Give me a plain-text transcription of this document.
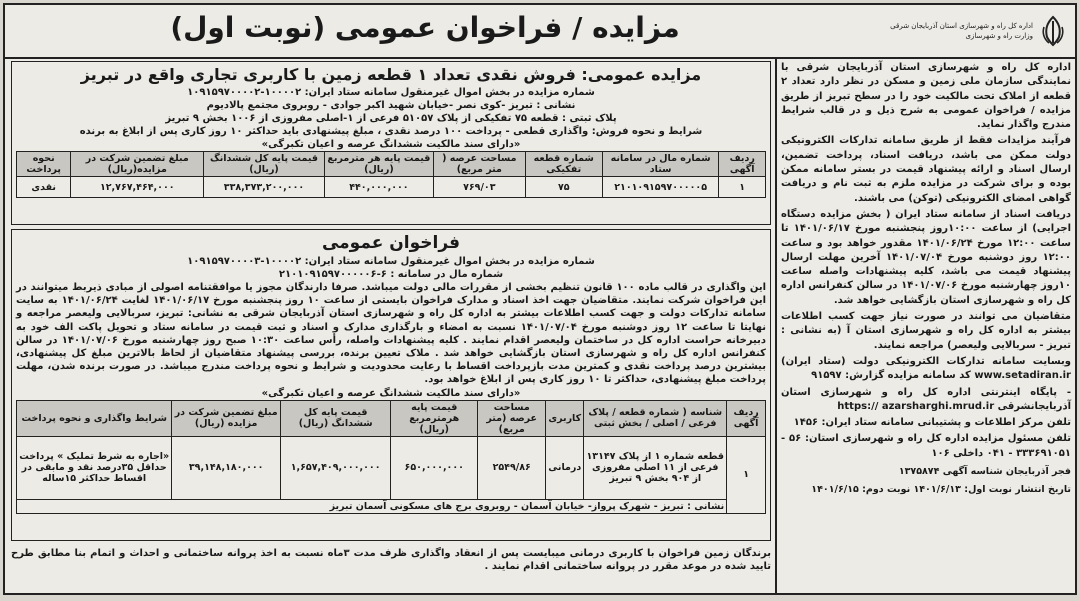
اداره کل راه و شهرسازی استان آذربایجان شرقی
وزارت راه و شهرسازی
مزایده / فراخوان عمومی (نوبت اول)

اداره کل راه و شهرسازی استان آذربایجان شرقی با نمایندگی سازمان ملی زمین و مسکن در نظر دارد تعداد ۲ قطعه از املاک تحت مالکیت خود را در سطح تبریز از طریق مزایده / فراخوان عمومی به شرح ذیل و در قالب شرایط مندرج واگذار نماید.

فرآیند مزایدات فقط از طریق سامانه تدارکات الکترونیکی دولت ممکن می باشد، دریافت اسناد، پرداخت تضمین، ارسال اسناد و ارائه پیشنهاد قیمت در بستر سامانه ممکن بوده و برای شرکت در مزایده ملزم به ثبت نام و دریافت گواهی امضای الکترونیکی (توکن) می باشند.

دریافت اسناد از سامانه ستاد ایران ( بخش مزایده دستگاه اجرایی) از ساعت ۱۰:۰۰روز پنجشنبه مورخ ۱۴۰۱/۰۶/۱۷ تا ساعت ۱۲:۰۰ مورخ ۱۴۰۱/۰۶/۲۴ مقدور خواهد بود و ساعت ۱۲:۰۰ روز دوشنبه مورخ ۱۴۰۱/۰۷/۰۴ آخرین مهلت ارسال پیشنهاد قیمت می باشد، کلیه پیشنهادات واصله ساعت ۱۰روز چهارشنبه مورخ ۱۴۰۱/۰۷/۰۶ در سالن کنفرانس اداره کل راه و شهرسازی استان بازگشایی خواهد شد.

متقاضیان می توانند در صورت نیاز جهت کسب اطلاعات بیشتر به اداره کل راه و شهرسازی استان آ (به نشانی : تبریز - سربالایی ولیعصر) مراجعه نمایند.

وبسایت سامانه تدارکات الکترونیکی دولت (ستاد ایران) www.setadiran.ir کد سامانه مزایده گزارش: ۹۱۵۹۷

- پایگاه اینترنتی اداره کل راه و شهرسازی استان آذربایجانشرقی https:// azarsharghi.mrud.ir

تلفن مرکز اطلاعات و پشتیبانی سامانه ستاد ایران: ۱۴۵۶

تلفن مسئول مزایده اداره کل راه و شهرسازی استان: ۵۶ - ۳۳۳۶۹۱۰۵۱ - ۰۴۱ داخلی ۱۰۶

فجر آذربایجان شناسه آگهی ۱۳۷۵۸۷۴

تاریخ انتشار نوبت اول: ۱۴۰۱/۶/۱۳ نوبت دوم: ۱۴۰۱/۶/۱۵

مزایده عمومی: فروش نقدی تعداد ۱ قطعه زمین با کاربری تجاری واقع در تبریز
شماره مزایده در بخش اموال غیرمنقول سامانه ستاد ایران: ۱۰۰۰۰۲-۱۰۹۱۵۹۷۰۰۰۰۲
نشانی : تبریز -کوی نصر -خیابان شهید اکبر جوادی - روبروی مجتمع پالادیوم
پلاک ثبتی : قطعه ۷۵ تفکیکی از پلاک ۵۱۰۵۷ فرعی از ۱-اصلی مفروزی از ۱۰۰۶ بخش ۹ تبریز
شرایط و نحوه فروش: واگذاری قطعی - پرداخت ۱۰۰ درصد نقدی ، مبلغ پیشنهادی باید حداکثر ۱۰ روز کاری پس از ابلاغ به برنده
«دارای سند مالکیت ششدانگ عرصه و اعیان تکبرگی»
ردیف آگهی	شماره مال در سامانه ستاد	شماره قطعه تفکیکی	مساحت عرصه ( متر مربع)	قیمت پایه هر مترمربع (ریال)	قیمت پایه کل ششدانگ (ریال)	مبلغ تضمین شرکت در مزایده(ریال)	نحوه پرداخت
۱	۲۱۰۱۰۹۱۵۹۷۰۰۰۰۰۵	۷۵	۷۶۹/۰۳	۴۴۰,۰۰۰,۰۰۰	۳۳۸,۳۷۳,۲۰۰,۰۰۰	۱۲,۷۶۷,۴۶۴,۰۰۰	نقدی
فراخوان عمومی
شماره مزایده در بخش اموال غیرمنقول سامانه ستاد ایران: ۱۰۰۰۰۲-۱۰۹۱۵۹۷۰۰۰۰۳
شماره مال در سامانه : ۶-۲۱۰۱۰۹۱۵۹۷۰۰۰۰۰۶
این واگذاری در قالب ماده ۱۰۰ قانون تنظیم بخشی از مقررات مالی دولت میباشد. صرفا دارندگان مجوز یا موافقتنامه اصولی از مبادی ذیربط میتوانند در این فراخوان شرکت نمایند. متقاضیان جهت اخذ اسناد و مدارک فراخوان بایستی از ساعت ۱۰ روز پنجشنبه مورخ ۱۴۰۱/۰۶/۱۷ لغایت ۱۴۰۱/۰۶/۲۴ به سایت سامانه تدارکات دولت و جهت کسب اطلاعات بیشتر به اداره کل راه و شهرسازی استان آذربایجان شرقی به نشانی: تبریز، سربالایی ولیعصر مراجعه و نهایتا تا ساعت ۱۲ روز دوشنبه مورخ ۱۴۰۱/۰۷/۰۴ نسبت به امضاء و بارگذاری مدارک و اسناد و ثبت قیمت در سامانه ستاد و تحویل پاکت الف خود به دبیرخانه حراست اداره کل در ساختمان ولیعصر اقدام نمایند . کلیه پیشنهادات واصله، رأس ساعت ۱۰:۳۰ صبح روز چهارشنبه مورخ ۱۴۰۱/۰۷/۰۶ در سالن کنفرانس اداره کل راه و شهرسازی استان بازگشایی خواهد شد . ملاک تعیین برنده، بررسی پیشنهاد متقاضیان از لحاظ بالاترین مبلغ کل پیشنهادی، بیشترین درصد پرداخت نقدی و کمترین مدت بازپرداخت اقساط با رعایت محدودیت و شرایط و نحوه پرداخت مندرج میباشد. در صورت برنده شدن، مهلت پرداخت مبلغ پیشنهادی، حداکثر تا ۱۰ روز کاری پس از ابلاغ خواهد بود.
«دارای سند مالکیت ششدانگ عرصه و اعیان تکبرگی»
ردیف آگهی	شناسه ( شماره قطعه / پلاک فرعی / اصلی / بخش ثبتی	کاربری	مساحت عرصه (متر مربع)	قیمت پایه هرمترمربع (ریال)	قیمت پایه کل ششدانگ (ریال)	مبلغ تضمین شرکت در مزایده (ریال)	شرایط واگذاری و نحوه پرداخت
۱	قطعه شماره ۱ از پلاک ۱۳۱۴۷ فرعی از ۱۱ اصلی مفروزی از ۹۰۴ بخش ۹ تبریز	درمانی	۲۵۴۹/۸۶	۶۵۰,۰۰۰,۰۰۰	۱,۶۵۷,۴۰۹,۰۰۰,۰۰۰	۳۹,۱۴۸,۱۸۰,۰۰۰	«اجاره به شرط تملیک » پرداخت حداقل ۳۵درصد نقد و مابقی در اقساط حداکثر ۱۵ساله
	نشانی : تبریز - شهرک پرواز- خیابان آسمان - روبروی برج های مسکونی آسمان تبریز						
برندگان زمین فراخوان با کاربری درمانی میبایست پس از انعقاد واگذاری ظرف مدت ۳ماه نسبت به اخذ پروانه ساختمانی و احداث و اتمام بنا مطابق طرح تایید شده در موعد مقرر در پروانه ساختمانی اقدام نمایند .
